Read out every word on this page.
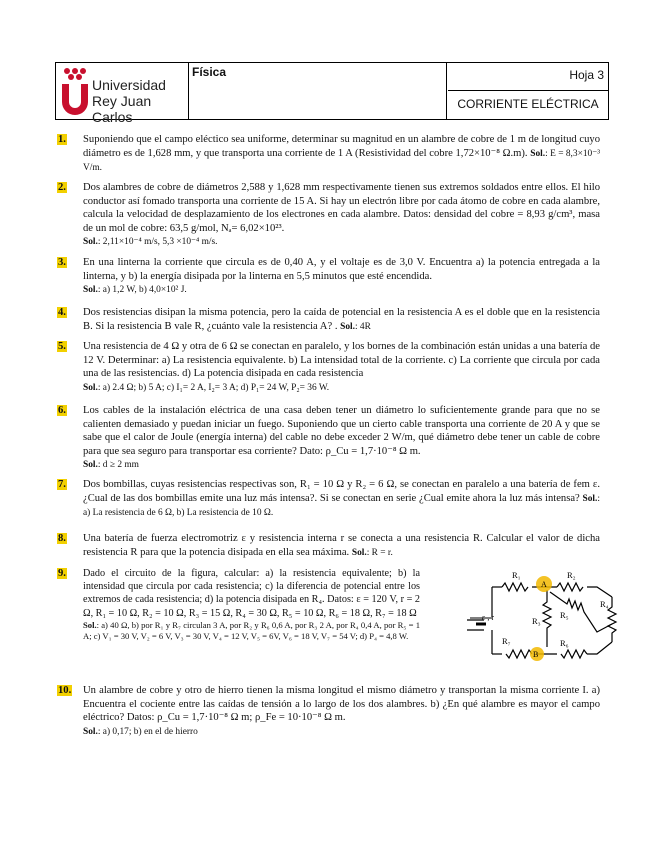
Universidad
Rey Juan Carlos
Física	Hoja 3
CORRIENTE ELÉCTRICA
1.	Suponiendo que el campo eléctico sea uniforme, determinar su magnitud en un alambre de cobre de 1 m de longitud cuyo diámetro es de 1,628 mm, y que transporta una corriente de 1 A (Resistividad del cobre 1,72×10⁻⁸ Ω.m). Sol.: E = 8,3×10⁻³ V/m.
2.	Dos alambres de cobre de diámetros 2,588 y 1,628 mm respectivamente tienen sus extremos soldados entre ellos. El hilo conductor así fomado transporta una corriente de 15 A. Si hay un electrón libre por cada átomo de cobre en cada alambre, calcula la velocidad de desplazamiento de los electrones en cada alambre. Datos: densidad del cobre = 8,93 g/cm³, masa de un mol de cobre: 63,5 g/mol, Nₐ= 6,02×10²³.
Sol.: 2,11×10⁻⁴ m/s, 5,3 ×10⁻⁴ m/s.
3.	En una linterna la corriente que circula es de 0,40 A, y el voltaje es de 3,0 V. Encuentra a) la potencia entregada a la linterna, y b) la energía disipada por la linterna en 5,5 minutos que esté encendida.
Sol.: a) 1,2 W, b) 4,0×10² J.
4.	Dos resistencias disipan la misma potencia, pero la caída de potencial en la resistencia A es el doble que en la resistencia B. Si la resistencia B vale R, ¿cuánto vale la resistencia A? . Sol.: 4R
5.	Una resistencia de 4 Ω y otra de 6 Ω se conectan en paralelo, y los bornes de la combinación están unidas a una batería de 12 V. Determinar: a) La resistencia equivalente. b) La intensidad total de la corriente. c) La corriente que circula por cada una de las resistencias. d) La potencia disipada en cada resistencia
Sol.: a) 2.4 Ω; b) 5 A; c) I₁= 2 A, I₂= 3 A; d) P₁= 24 W, P₂= 36 W.
6.	Los cables de la instalación eléctrica de una casa deben tener un diámetro lo suficientemente grande para que no se calienten demasiado y puedan iniciar un fuego. Suponiendo que un cierto cable transporta una corriente de 20 A y que se sabe que el calor de Joule (energía interna) del cable no debe exceder 2 W/m, qué diámetro debe tener un cable de cobre para que sea seguro para transportar esa corriente? Dato: ρ_Cu = 1,7·10⁻⁸ Ω m.
Sol.: d ≥ 2 mm
7.	Dos bombillas, cuyas resistencias respectivas son, R₁ = 10 Ω y R₂ = 6 Ω, se conectan en paralelo a una batería de fem ε. ¿Cual de las dos bombillas emite una luz más intensa?. Si se conectan en serie ¿Cual emite ahora la luz más intensa? Sol.: a) La resistencia de 6 Ω, b) La resistencia de 10 Ω.
8.	Una batería de fuerza electromotriz ε y resistencia interna r se conecta a una resistencia R. Calcular el valor de dicha resistencia R para que la potencia disipada en ella sea máxima. Sol.: R = r.
9.	Dado el circuito de la figura, calcular: a) la resistencia equivalente; b) la intensidad que circula por cada resistencia; c) la diferencia de potencial entre los extremos de cada resistencia; d) la potencia disipada en R₄. Datos: ε = 120 V, r = 2 Ω, R₁ = 10 Ω, R₂ = 10 Ω, R₃ = 15 Ω, R₄ = 30 Ω, R₅ = 10 Ω, R₆ = 18 Ω, R₇ = 18 Ω
Sol.: a) 40 Ω, b) por R₁ y R₇ circulan 3 A, por R₂ y R₆ 0,6 A, por R₃ 2 A, por R₄ 0,4 A, por R₅ = 1 A; c) V₁ = 30 V, V₂ = 6 V, V₃ = 30 V, V₄ = 12 V, V₅ = 6V, V₆ = 18 V, V₇ = 54 V; d) P₄ = 4,8 W.
R₁	R₂
R₃
R₄
R₅
R₆
R₇
A
B
ε , r
10.	Un alambre de cobre y otro de hierro tienen la misma longitud el mismo diámetro y transportan la misma corriente I. a) Encuentra el cociente entre las caídas de tensión a lo largo de los dos alambres. b) ¿En qué alambre es mayor el campo eléctrico? Datos: ρ_Cu = 1,7·10⁻⁸ Ω m; ρ_Fe = 10·10⁻⁸ Ω m.
Sol.: a) 0,17; b) en el de hierro
